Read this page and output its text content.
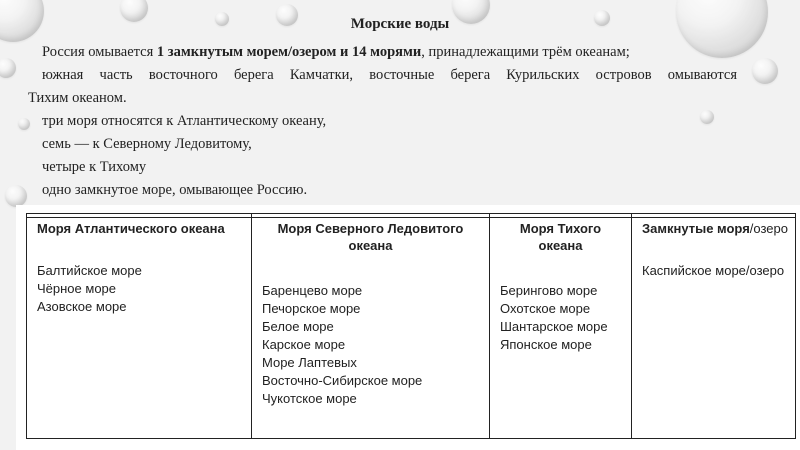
Морские воды
Россия омывается 1 замкнутым морем/озером и 14 морями, принадлежащими трём океанам;
южная часть восточного берега Камчатки, восточные берега Курильских островов омываются
Тихим океаном.
три моря относятся к Атлантическому океану,
семь — к Северному Ледовитому,
четыре к Тихому
одно замкнутое море, омывающее Россию.
Моря Атлантического океана
Балтийское море
Чёрное море
Азовское море
Моря Северного Ледовитого
океана
Баренцево море
Печорское море
Белое море
Карское море
Море Лаптевых
Восточно-Сибирское море
Чукотское море
Моря Тихого
океана
Берингово море
Охотское море
Шантарское море
Японское море
Замкнутые моря/озеро
Каспийское море/озеро
